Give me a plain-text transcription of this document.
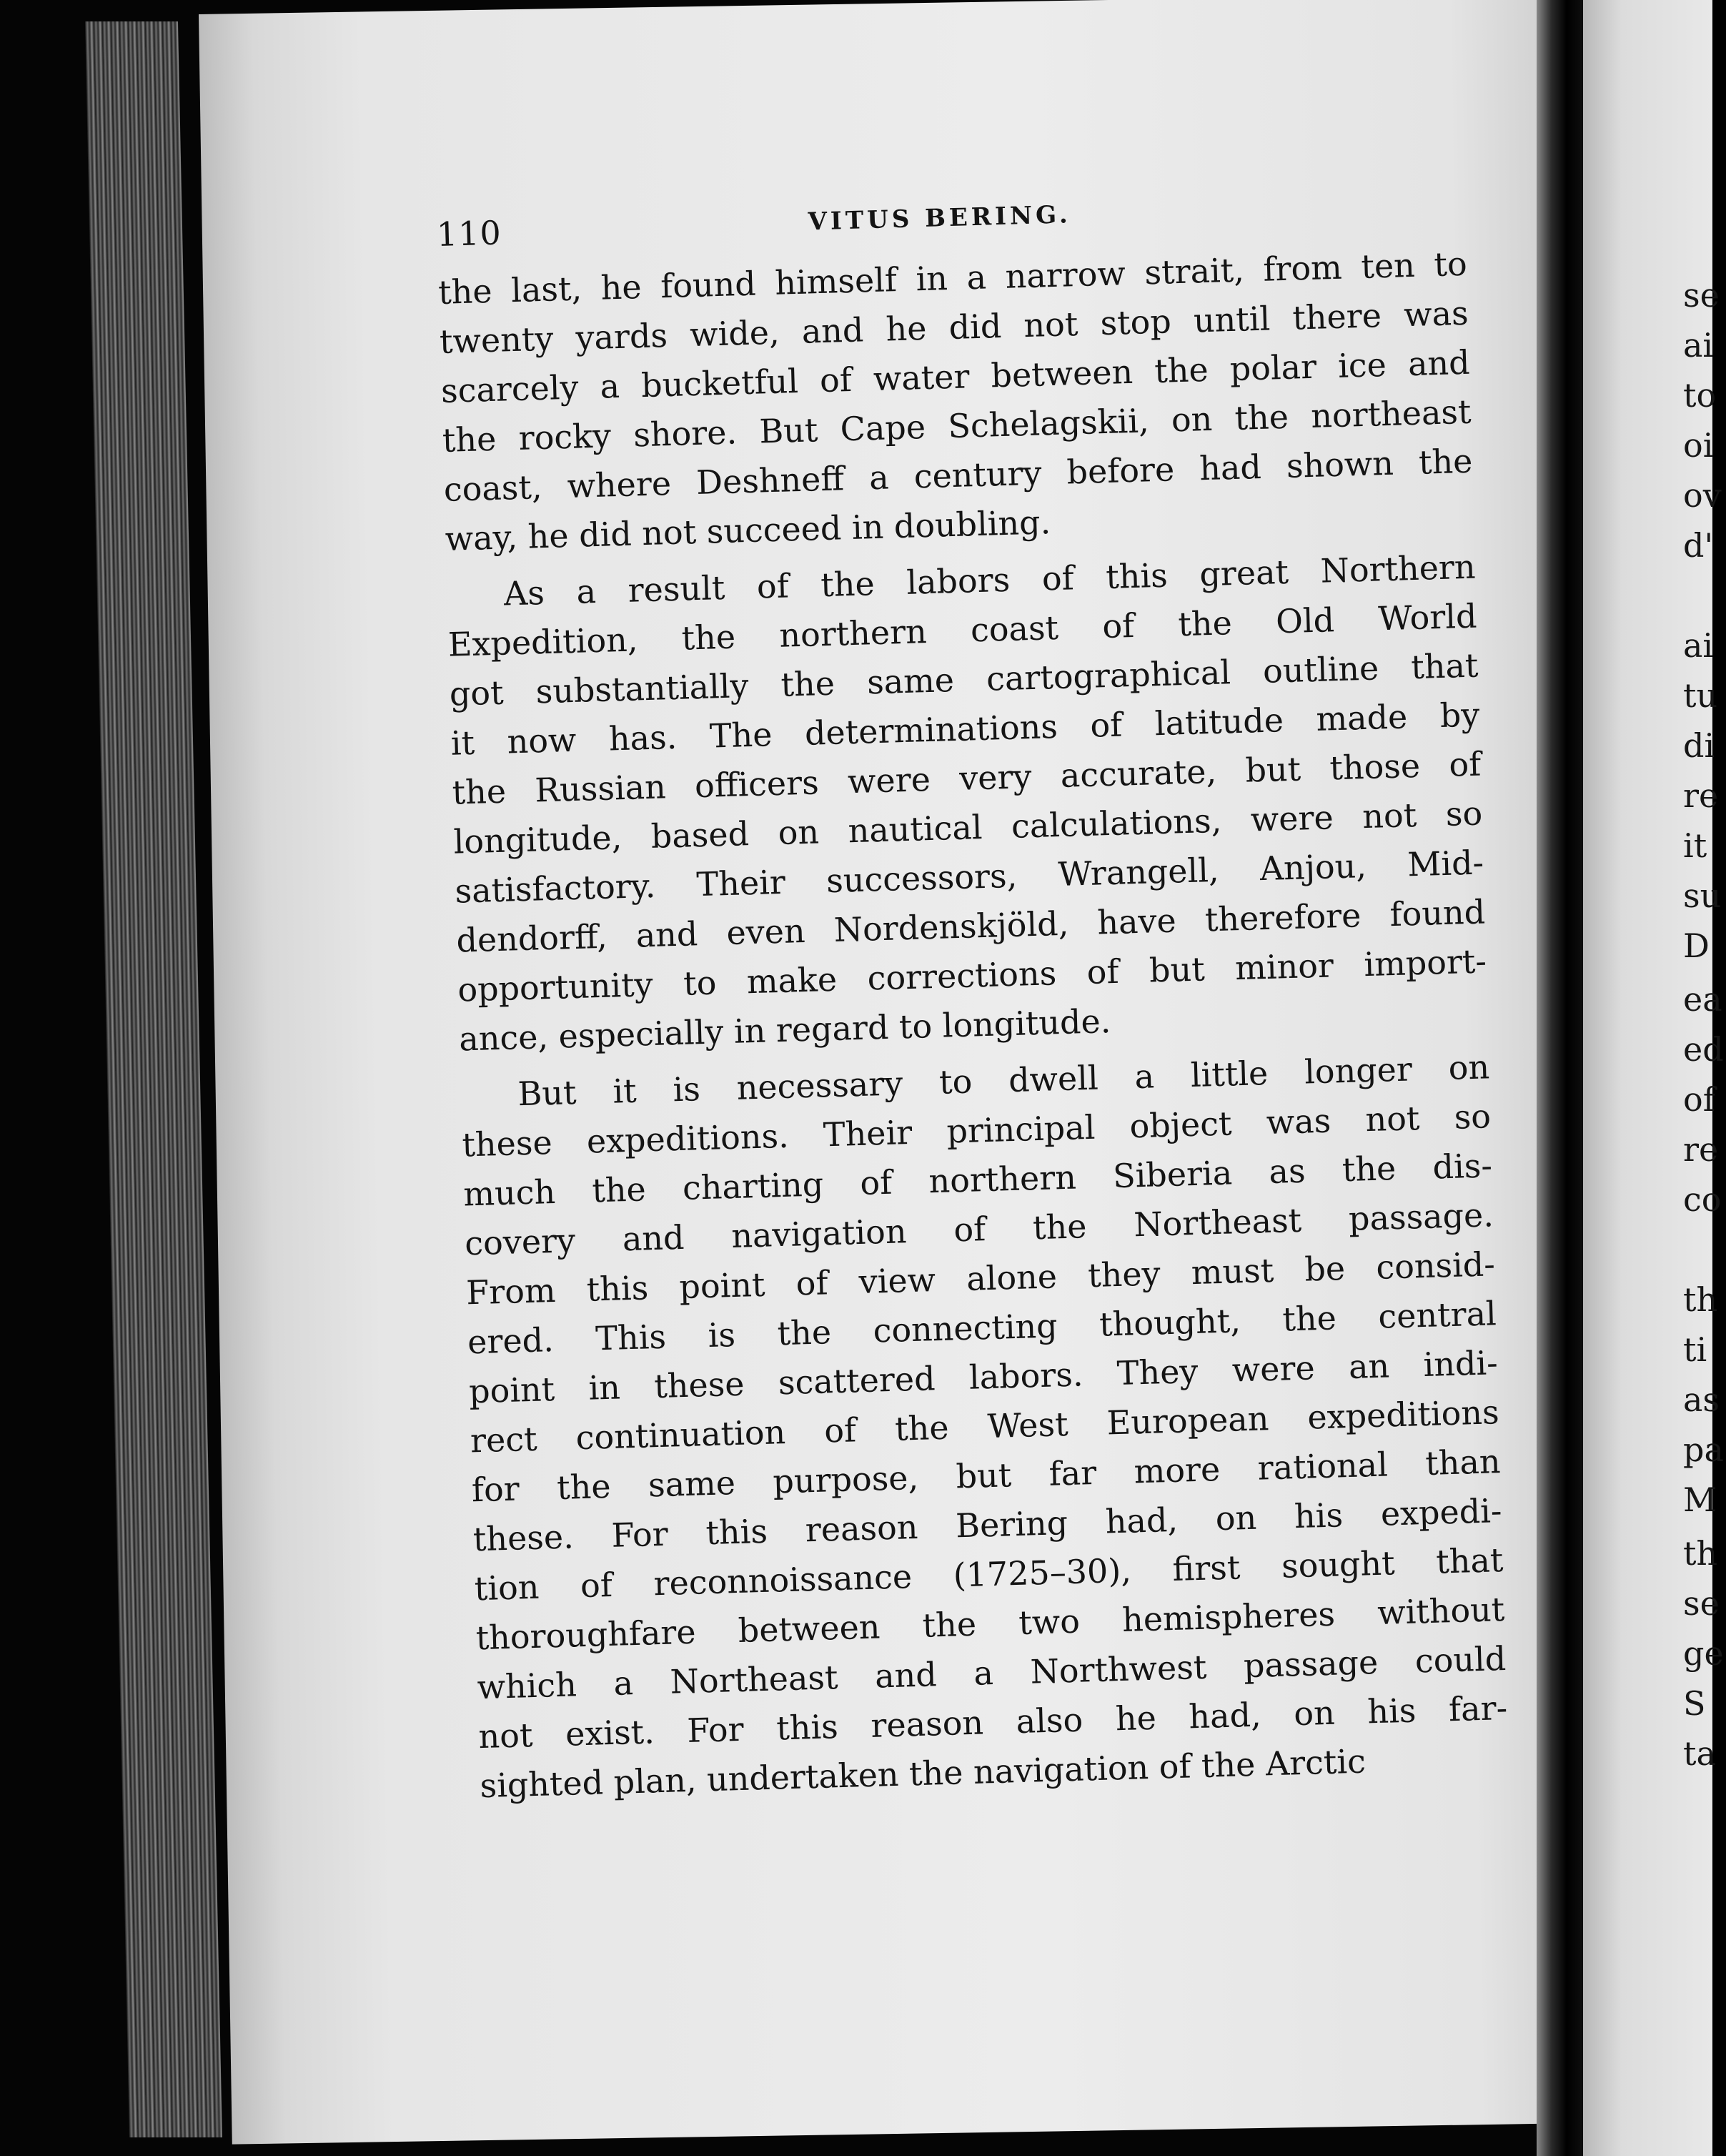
se
ai
to
oi
ov
d'
ai
tu
di
re
it
su
D
ea
ed
of
re
co
th
ti
as
pa
M
th
se
ge
S
ta
110	VITUS BERING.

the last, he found himself in a narrow strait, from ten to
twenty yards wide, and he did not stop until there was
scarcely a bucketful of water between the polar ice and
the rocky shore. But Cape Schelagskii, on the northeast
coast, where Deshneff a century before had shown the
way, he did not succeed in doubling.

As a result of the labors of this great Northern
Expedition, the northern coast of the Old World
got substantially the same cartographical outline that
it now has. The determinations of latitude made by
the Russian officers were very accurate, but those of
longitude, based on nautical calculations, were not so
satisfactory. Their successors, Wrangell, Anjou, Mid-
dendorff, and even Nordenskjöld, have therefore found
opportunity to make corrections of but minor import-
ance, especially in regard to longitude.

But it is necessary to dwell a little longer on
these expeditions. Their principal object was not so
much the charting of northern Siberia as the dis-
covery and navigation of the Northeast passage.
From this point of view alone they must be consid-
ered. This is the connecting thought, the central
point in these scattered labors. They were an indi-
rect continuation of the West European expeditions
for the same purpose, but far more rational than
these. For this reason Bering had, on his expedi-
tion of reconnoissance (1725–30), first sought that
thoroughfare between the two hemispheres without
which a Northeast and a Northwest passage could
not exist. For this reason also he had, on his far-
sighted plan, undertaken the navigation of the Arctic
